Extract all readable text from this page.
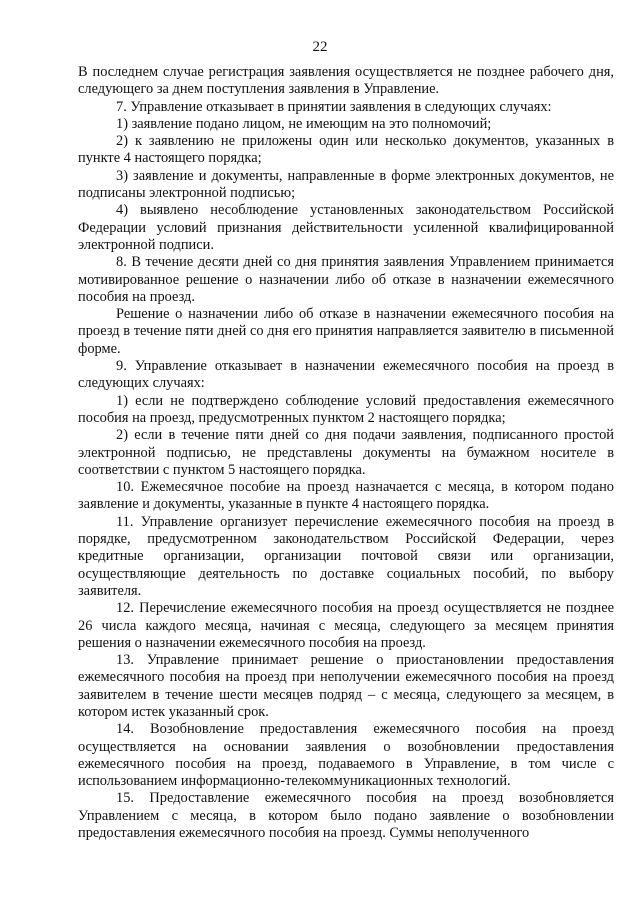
22

В последнем случае регистрация заявления осуществляется не позднее рабочего дня, следующего за днем поступления заявления в Управление.

7. Управление отказывает в принятии заявления в следующих случаях:

1) заявление подано лицом, не имеющим на это полномочий;

2) к заявлению не приложены один или несколько документов, указанных в пункте 4 настоящего порядка;

3) заявление и документы, направленные в форме электронных документов, не подписаны электронной подписью;

4) выявлено несоблюдение установленных законодательством Российской Федерации условий признания действительности усиленной квалифицированной электронной подписи.

8. В течение десяти дней со дня принятия заявления Управлением принимается мотивированное решение о назначении либо об отказе в назначении ежемесячного пособия на проезд.

Решение о назначении либо об отказе в назначении ежемесячного пособия на проезд в течение пяти дней со дня его принятия направляется заявителю в письменной форме.

9. Управление отказывает в назначении ежемесячного пособия на проезд в следующих случаях:

1) если не подтверждено соблюдение условий предоставления ежемесячного пособия на проезд, предусмотренных пунктом 2 настоящего порядка;

2) если в течение пяти дней со дня подачи заявления, подписанного простой электронной подписью, не представлены документы на бумажном носителе в соответствии с пунктом 5 настоящего порядка.

10. Ежемесячное пособие на проезд назначается с месяца, в котором подано заявление и документы, указанные в пункте 4 настоящего порядка.

11. Управление организует перечисление ежемесячного пособия на проезд в порядке, предусмотренном законодательством Российской Федерации, через кредитные организации, организации почтовой связи или организации, осуществляющие деятельность по доставке социальных пособий, по выбору заявителя.

12. Перечисление ежемесячного пособия на проезд осуществляется не позднее 26 числа каждого месяца, начиная с месяца, следующего за месяцем принятия решения о назначении ежемесячного пособия на проезд.

13. Управление принимает решение о приостановлении предоставления ежемесячного пособия на проезд при неполучении ежемесячного пособия на проезд заявителем в течение шести месяцев подряд – с месяца, следующего за месяцем, в котором истек указанный срок.

14. Возобновление предоставления ежемесячного пособия на проезд осуществляется на основании заявления о возобновлении предоставления ежемесячного пособия на проезд, подаваемого в Управление, в том числе с использованием информационно-телекоммуникационных технологий.

15. Предоставление ежемесячного пособия на проезд возобновляется Управлением с месяца, в котором было подано заявление о возобновлении предоставления ежемесячного пособия на проезд. Суммы неполученного
